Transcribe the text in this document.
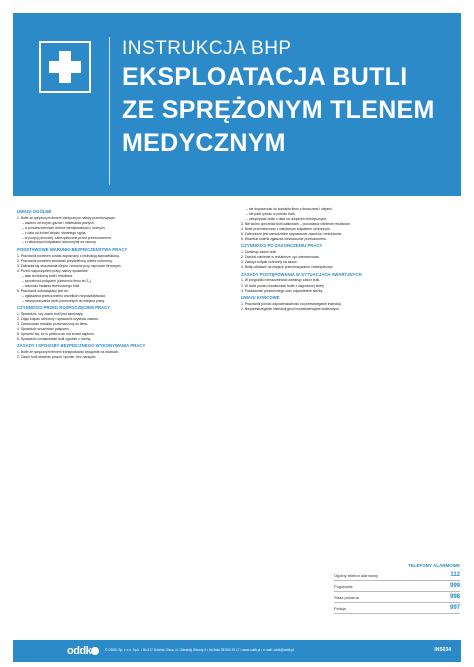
INSTRUKCJA BHP
EKSPLOATACJA BUTLI
ZE SPRĘŻONYM TLENEM
MEDYCZNYM
UWAGI OGÓLNE
1. Butle ze sprężonym tlenem medycznym należy przechowywać:
– osobno od innych gazów i materiałów palnych,
– w pomieszczeniach dobrze wentylowanych i suchych,
– z dala od źródeł ciepła i otwartego ognia,
– w pozycji pionowej, zabezpieczone przed przewróceniem,
– z nałożonymi kołpakami ochronnymi na zawory.
PODSTAWOWE WARUNKI BEZPIECZEŃSTWA PRACY
1. Pracownik powinien zostać zapoznany z instrukcją stanowiskową.
2. Pracownik powinien stosować przydzieloną odzież ochronną.
3. Zabrania się stosowania olejów i smarów przy osprzęcie tlenowym.
4. Przed rozpoczęciem pracy należy sprawdzić:
– stan techniczny butli i reduktora,
– szczelność połączeń (obecność tlenu ⊕ O₂),
– ważność badania technicznego butli.
5. Pracownik zobowiązany jest do:
– zgłaszania przełożonemu wszelkich nieprawidłowości,
– niedopuszczania osób postronnych do miejsca pracy.
CZYNNOŚCI PRZED ROZPOCZĘCIEM PRACY
1. Sprawdzić, czy zawór butli jest zamknięty.
2. Zdjąć kołpak ochronny i sprawdzić czystość zaworu.
3. Zamocować reduktor przeznaczony do tlenu.
4. Sprawdzić szczelność połączeń.
5. Upewnić się, że w pobliżu nie ma źródeł zapłonu.
6. Sprawdzić oznakowanie butli zgodnie z normą.
ZASADY I SPOSOBY BEZPIECZNEGO WYKONYWANIA PRACY
1. Butle ze sprężonym tlenem transportować wyłącznie na wózkach.
2. Zawór butli otwierać powoli, ręcznie, bez narzędzi.
– nie dopuszczać do kontaktu tlenu z tłuszczami i olejami,
– nie palić tytoniu w pobliżu butli,
– utrzymywać butle z dala od urządzeń elektrycznych,
3. Nie wolno opróżniać butli całkowicie – pozostawić ciśnienie resztkowe.
4. Butle przemieszczać z nałożonym kołpakiem ochronnym.
5. Zabronione jest samodzielne naprawianie zaworów i reduktorów.
6. Wszelkie usterki zgłaszać niezwłocznie przełożonemu.
CZYNNOŚCI PO ZAKOŃCZENIU PRACY
1. Zamknąć zawór butli.
2. Zwolnić ciśnienie w reduktorze i go zdemontować.
3. Założyć kołpak ochronny na zawór.
4. Butlę odstawić na miejsce przechowywania i zabezpieczyć.
ZASADY POSTĘPOWANIA W SYTUACJACH AWARYJNYCH
1. W przypadku nieszczelności zamknąć zawór butli.
2. W razie pożaru ewakuować butle z zagrożonej strefy.
3. Powiadomić przełożonego oraz odpowiednie służby.
UWAGI KOŃCOWE
1. Pracownik ponosi odpowiedzialność za przestrzeganie instrukcji.
2. Nieprzestrzeganie instrukcji grozi konsekwencjami służbowymi.
TELEFONY ALARMOWE
Ogólny telefon alarmowy	112
Pogotowie	999
Straż pożarna	998
Policja	997
oddk	© ODDK Sp. z o.o. Sp.k. • 80-317 Gdańsk Oliwa, ul. Oliwskiej Wiosny 4 • tel./faks 58 554 29 17 • www.oddk.pl • e-mail: oddk@oddk.pl	INS034
